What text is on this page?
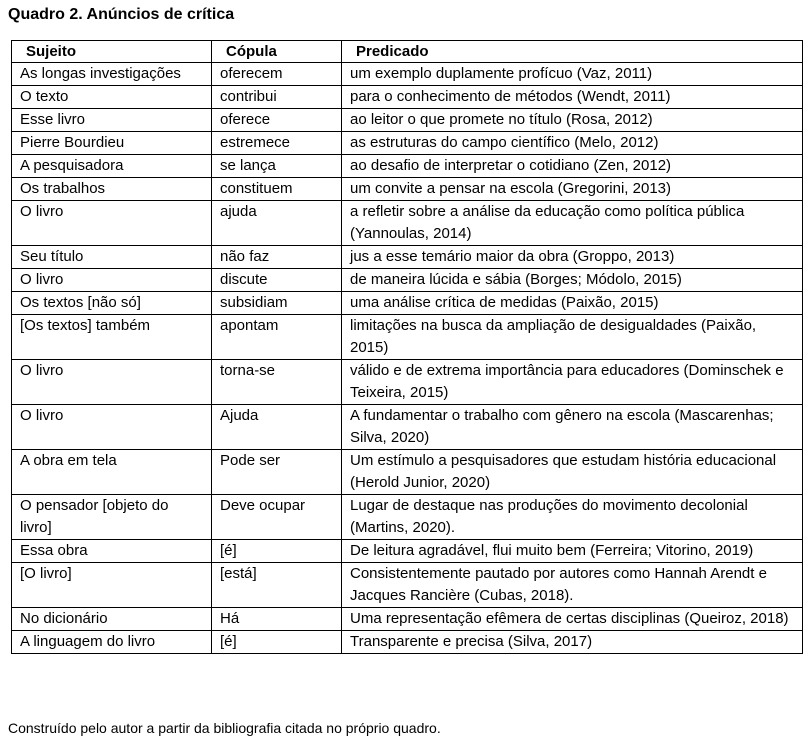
Quadro 2. Anúncios de crítica
Sujeito	Cópula	Predicado
As longas investigações	oferecem	um exemplo duplamente profícuo (Vaz, 2011)
O texto	contribui	para o conhecimento de métodos (Wendt, 2011)
Esse livro	oferece	ao leitor o que promete no título (Rosa, 2012)
Pierre Bourdieu	estremece	as estruturas do campo científico (Melo, 2012)
A pesquisadora	se lança	ao desafio de interpretar o cotidiano (Zen, 2012)
Os trabalhos	constituem	um convite a pensar na escola (Gregorini, 2013)
O livro	ajuda	a refletir sobre a análise da educação como política pública (Yannoulas, 2014)
Seu título	não faz	jus a esse temário maior da obra (Groppo, 2013)
O livro	discute	de maneira lúcida e sábia (Borges; Módolo, 2015)
Os textos [não só]	subsidiam	uma análise crítica de medidas (Paixão, 2015)
[Os textos] também	apontam	limitações na busca da ampliação de desigualdades (Paixão, 2015)
O livro	torna-se	válido e de extrema importância para educadores (Dominschek e Teixeira, 2015)
O livro	Ajuda	A fundamentar o trabalho com gênero na escola (Mascarenhas; Silva, 2020)
A obra em tela	Pode ser	Um estímulo a pesquisadores que estudam história educacional (Herold Junior, 2020)
O pensador [objeto do livro]	Deve ocupar	Lugar de destaque nas produções do movimento decolonial (Martins, 2020).
Essa obra	[é]	De leitura agradável, flui muito bem (Ferreira; Vitorino, 2019)
[O livro]	[está]	Consistentemente pautado por autores como Hannah Arendt e Jacques Rancière (Cubas, 2018).
No dicionário	Há	Uma representação efêmera de certas disciplinas (Queiroz, 2018)
A linguagem do livro	[é]	Transparente e precisa (Silva, 2017)
Construído pelo autor a partir da bibliografia citada no próprio quadro.
